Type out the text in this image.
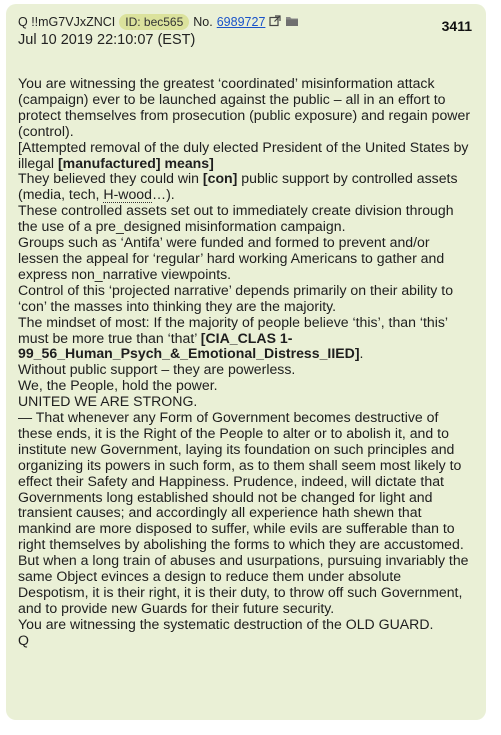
Q !!mG7VJxZNCI ID: bec565 No. 6989727
Jul 10 2019 22:10:07 (EST)
3411

You are witnessing the greatest ‘coordinated’ misinformation attack (campaign) ever to be launched against the public – all in an effort to protect themselves from prosecution (public exposure) and regain power (control).

[Attempted removal of the duly elected President of the United States by illegal [manufactured] means]

They believed they could win [con] public support by controlled assets (media, tech, H-wood…).

These controlled assets set out to immediately create division through the use of a pre_designed misinformation campaign.

Groups such as ‘Antifa’ were funded and formed to prevent and/or lessen the appeal for ‘regular’ hard working Americans to gather and express non_narrative viewpoints.

Control of this ‘projected narrative’ depends primarily on their ability to ‘con’ the masses into thinking they are the majority.

The mindset of most: If the majority of people believe ‘this’, than ‘this’ must be more true than ‘that’ [CIA_CLAS 1-99_56_Human_Psych_&_Emotional_Distress_IIED].

Without public support – they are powerless.

We, the People, hold the power.

UNITED WE ARE STRONG.

— That whenever any Form of Government becomes destructive of these ends, it is the Right of the People to alter or to abolish it, and to institute new Government, laying its foundation on such principles and organizing its powers in such form, as to them shall seem most likely to effect their Safety and Happiness. Prudence, indeed, will dictate that Governments long established should not be changed for light and transient causes; and accordingly all experience hath shewn that mankind are more disposed to suffer, while evils are sufferable than to right themselves by abolishing the forms to which they are accustomed. But when a long train of abuses and usurpations, pursuing invariably the same Object evinces a design to reduce them under absolute Despotism, it is their right, it is their duty, to throw off such Government, and to provide new Guards for their future security.

You are witnessing the systematic destruction of the OLD GUARD.

Q
